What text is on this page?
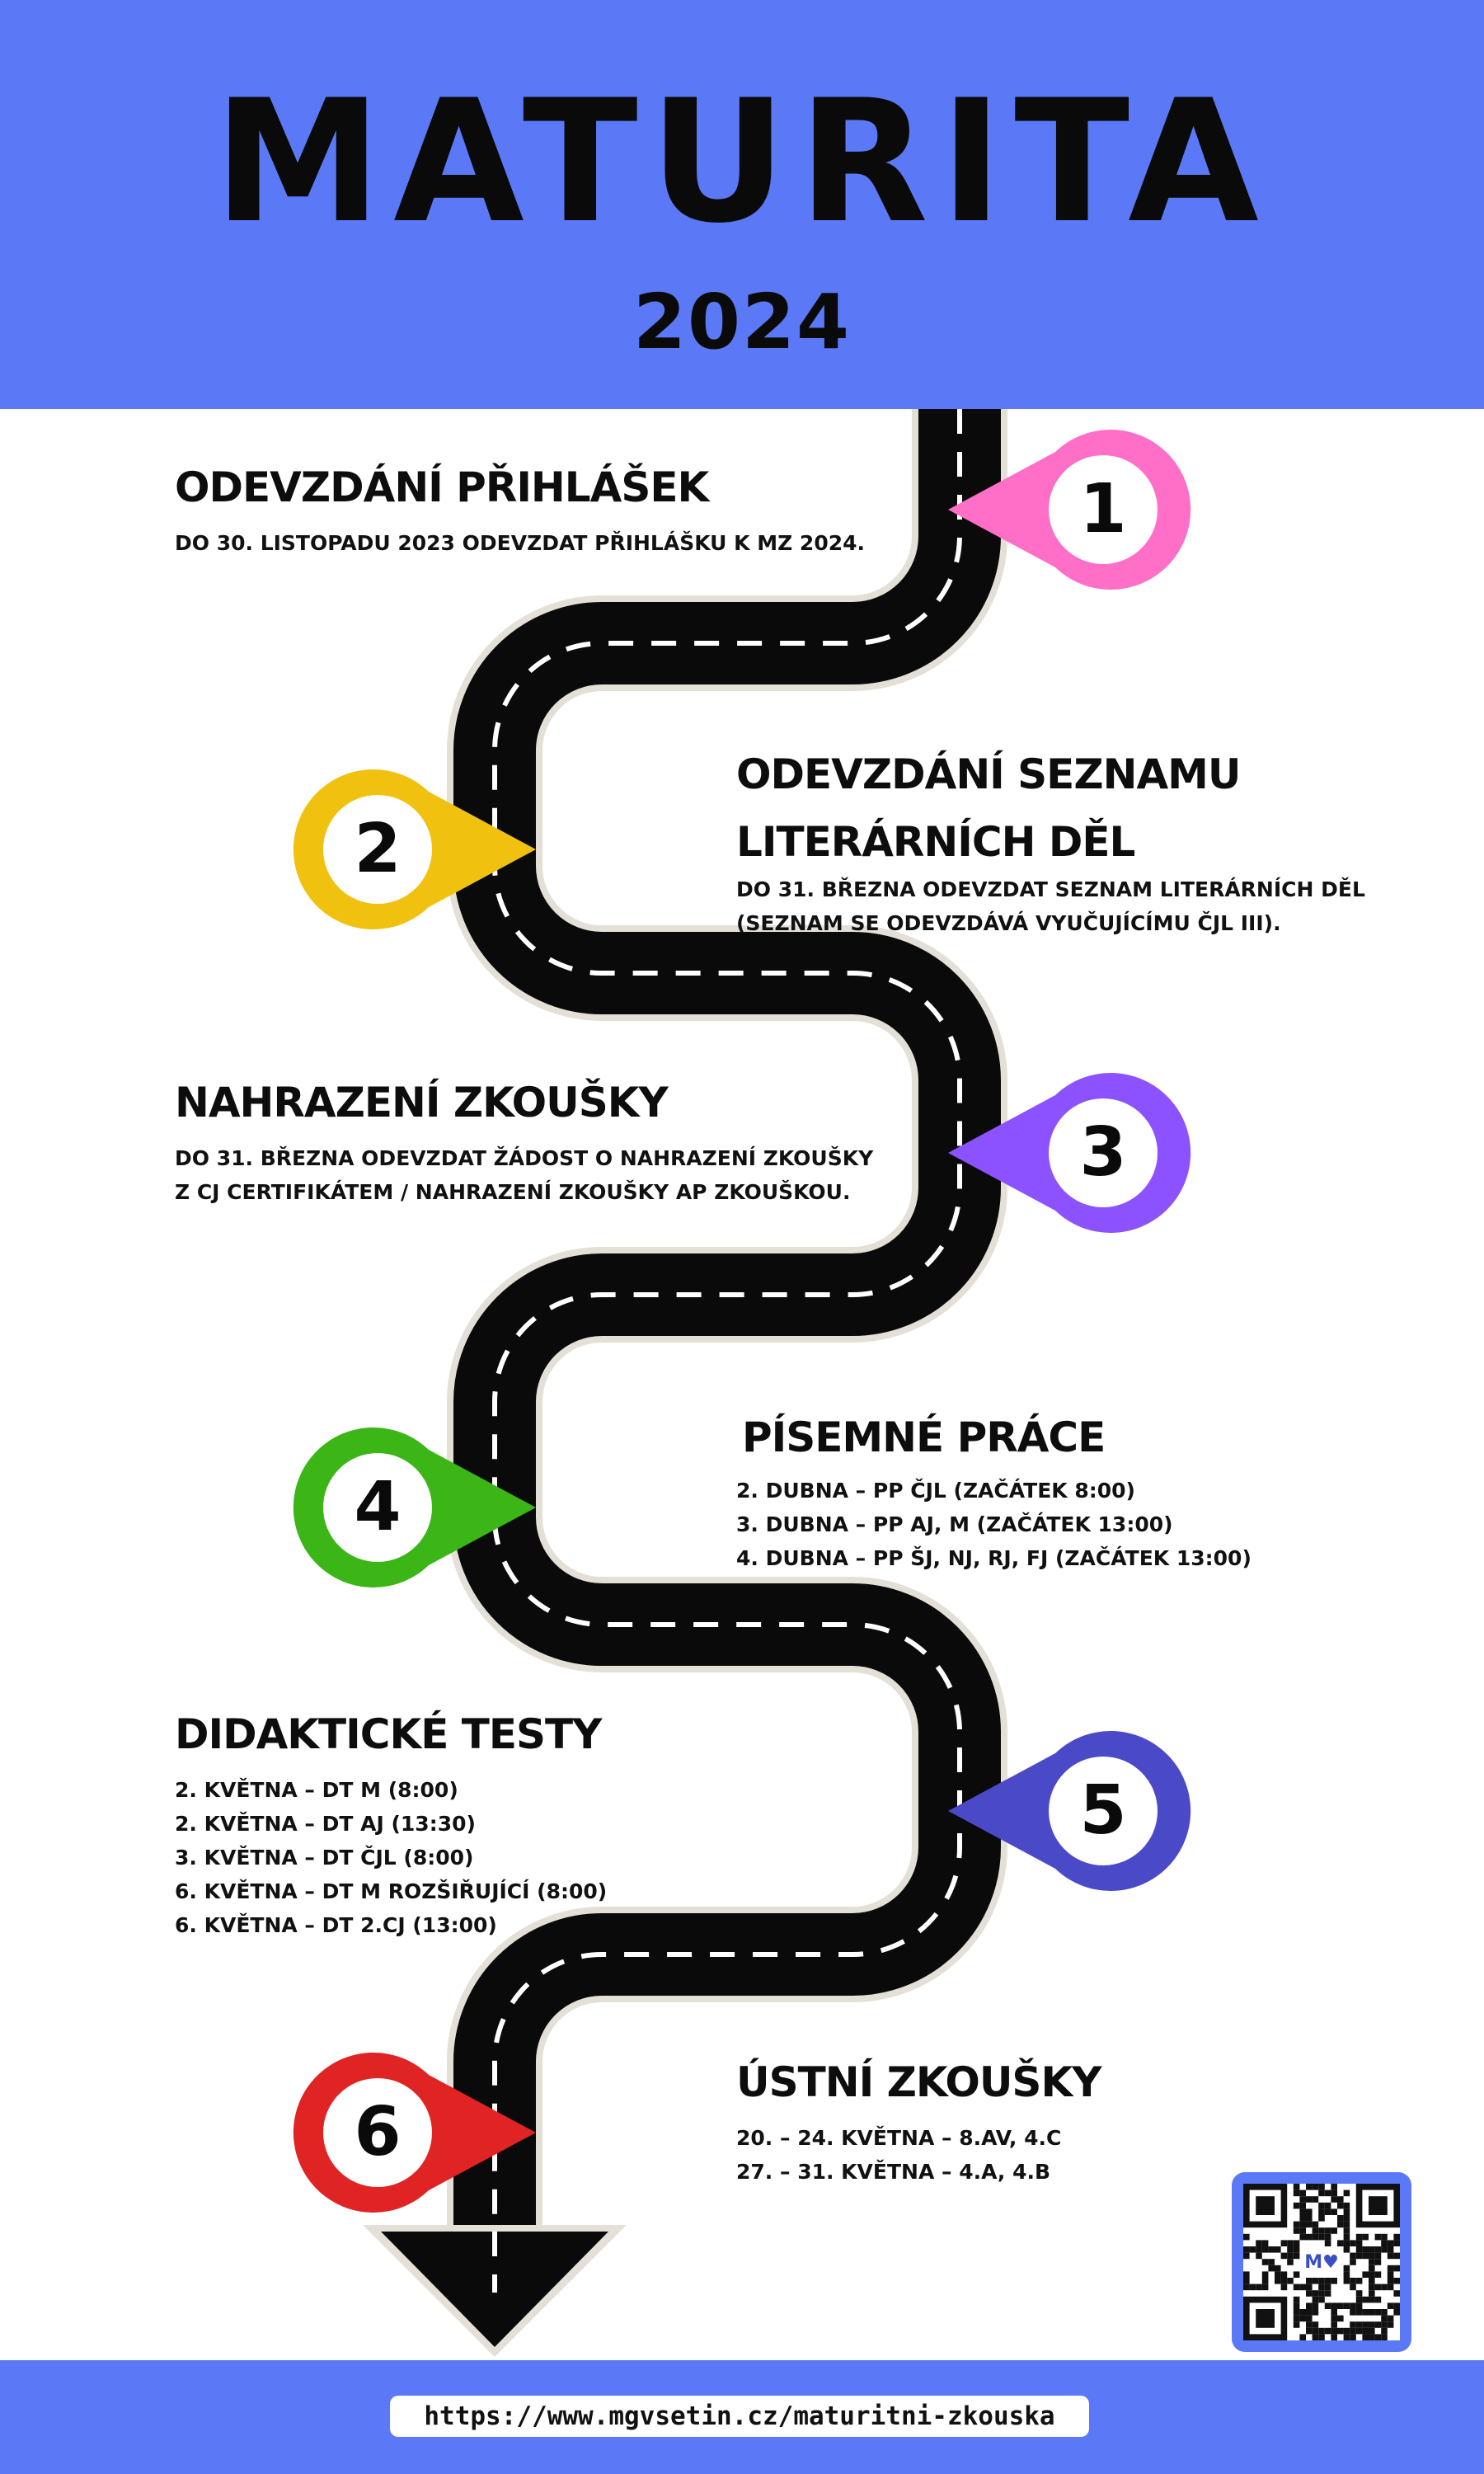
MATURITA
2024
1
2
3
4
5
6
ODEVZDÁNÍ PŘIHLÁŠEK
DO 30. LISTOPADU 2023 ODEVZDAT PŘIHLÁŠKU K MZ 2024.
ODEVZDÁNÍ SEZNAMU
LITERÁRNÍCH DĚL
DO 31. BŘEZNA ODEVZDAT SEZNAM LITERÁRNÍCH DĚL
(SEZNAM SE ODEVZDÁVÁ VYUČUJÍCÍMU ČJL III).
NAHRAZENÍ ZKOUŠKY
DO 31. BŘEZNA ODEVZDAT ŽÁDOST O NAHRAZENÍ ZKOUŠKY
Z CJ CERTIFIKÁTEM / NAHRAZENÍ ZKOUŠKY AP ZKOUŠKOU.
PÍSEMNÉ PRÁCE
2. DUBNA – PP ČJL (ZAČÁTEK 8:00)
3. DUBNA – PP AJ, M (ZAČÁTEK 13:00)
4. DUBNA – PP ŠJ, NJ, RJ, FJ (ZAČÁTEK 13:00)
DIDAKTICKÉ TESTY
2. KVĚTNA – DT M (8:00)
2. KVĚTNA – DT AJ (13:30)
3. KVĚTNA – DT ČJL (8:00)
6. KVĚTNA – DT M ROZŠIŘUJÍCÍ (8:00)
6. KVĚTNA – DT 2.CJ (13:00)
ÚSTNÍ ZKOUŠKY
20. – 24. KVĚTNA – 8.AV, 4.C
27. – 31. KVĚTNA – 4.A, 4.B
M♥
https://www.mgvsetin.cz/maturitni-zkouska
